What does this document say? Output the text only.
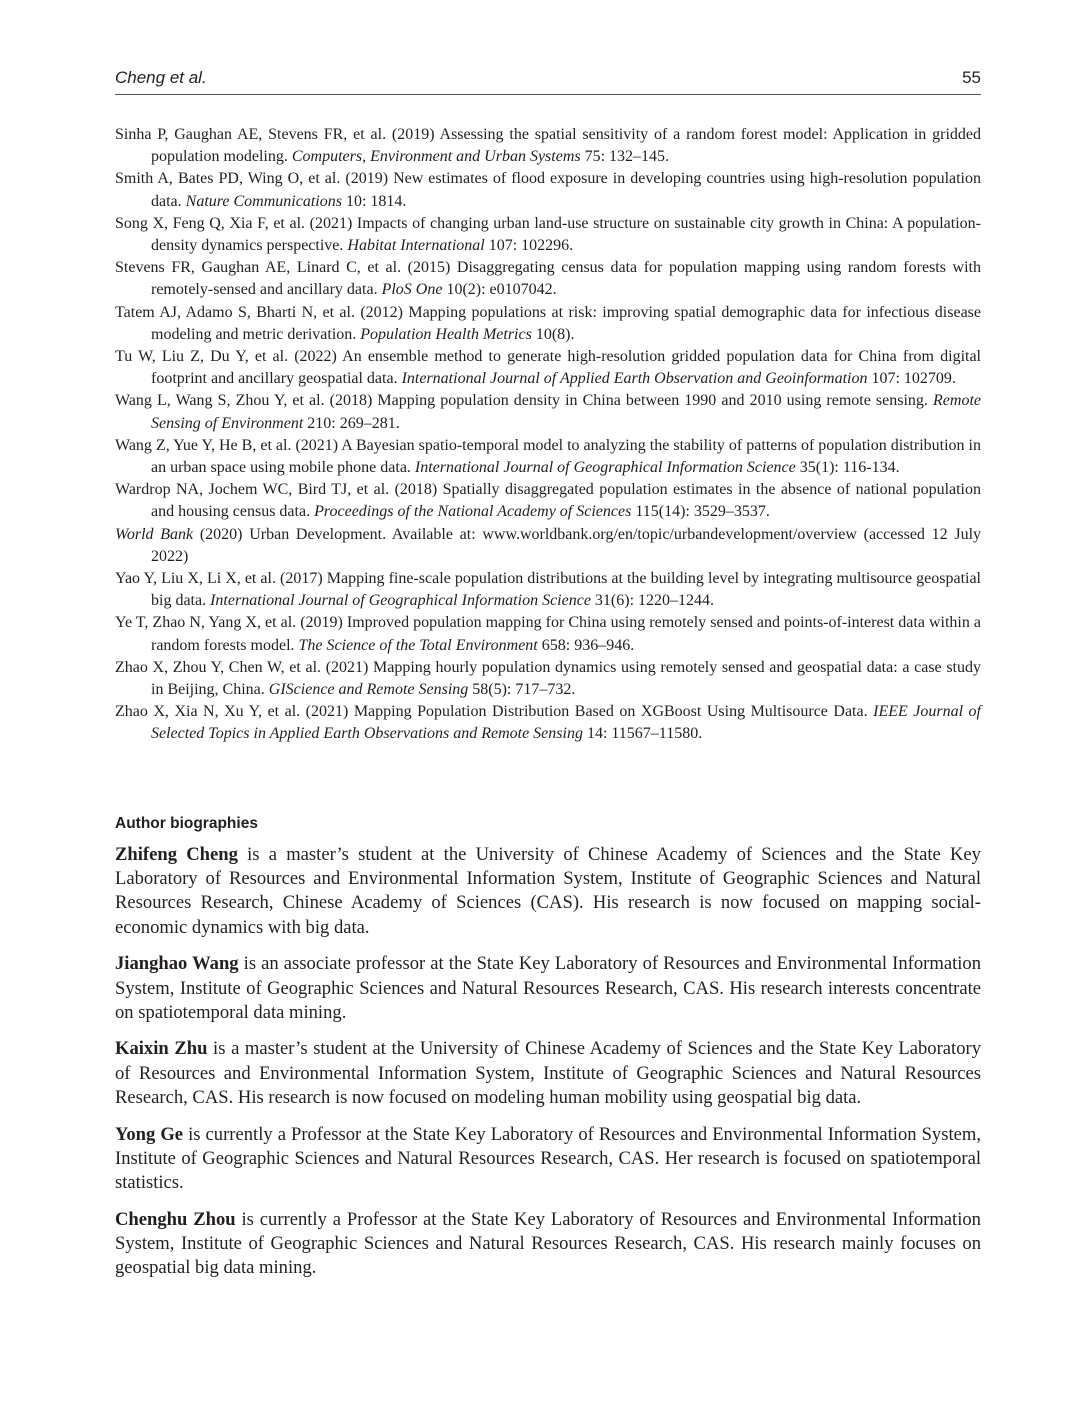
Cheng et al.	55

Sinha P, Gaughan AE, Stevens FR, et al. (2019) Assessing the spatial sensitivity of a random forest model: Application in gridded population modeling. Computers, Environment and Urban Systems 75: 132–145.

Smith A, Bates PD, Wing O, et al. (2019) New estimates of flood exposure in developing countries using high-resolution population data. Nature Communications 10: 1814.

Song X, Feng Q, Xia F, et al. (2021) Impacts of changing urban land-use structure on sustainable city growth in China: A population-density dynamics perspective. Habitat International 107: 102296.

Stevens FR, Gaughan AE, Linard C, et al. (2015) Disaggregating census data for population mapping using random forests with remotely-sensed and ancillary data. PloS One 10(2): e0107042.

Tatem AJ, Adamo S, Bharti N, et al. (2012) Mapping populations at risk: improving spatial demographic data for infectious disease modeling and metric derivation. Population Health Metrics 10(8).

Tu W, Liu Z, Du Y, et al. (2022) An ensemble method to generate high-resolution gridded population data for China from digital footprint and ancillary geospatial data. International Journal of Applied Earth Observation and Geoinformation 107: 102709.

Wang L, Wang S, Zhou Y, et al. (2018) Mapping population density in China between 1990 and 2010 using remote sensing. Remote Sensing of Environment 210: 269–281.

Wang Z, Yue Y, He B, et al. (2021) A Bayesian spatio-temporal model to analyzing the stability of patterns of population distribution in an urban space using mobile phone data. International Journal of Geographical Information Science 35(1): 116-134.

Wardrop NA, Jochem WC, Bird TJ, et al. (2018) Spatially disaggregated population estimates in the absence of national population and housing census data. Proceedings of the National Academy of Sciences 115(14): 3529–3537.

World Bank (2020) Urban Development. Available at: www.worldbank.org/en/topic/urbandevelopment/overview (accessed 12 July 2022)

Yao Y, Liu X, Li X, et al. (2017) Mapping fine-scale population distributions at the building level by integrating multisource geospatial big data. International Journal of Geographical Information Science 31(6): 1220–1244.

Ye T, Zhao N, Yang X, et al. (2019) Improved population mapping for China using remotely sensed and points-of-interest data within a random forests model. The Science of the Total Environment 658: 936–946.

Zhao X, Zhou Y, Chen W, et al. (2021) Mapping hourly population dynamics using remotely sensed and geospatial data: a case study in Beijing, China. GIScience and Remote Sensing 58(5): 717–732.

Zhao X, Xia N, Xu Y, et al. (2021) Mapping Population Distribution Based on XGBoost Using Multisource Data. IEEE Journal of Selected Topics in Applied Earth Observations and Remote Sensing 14: 11567–11580.

Author biographies

Zhifeng Cheng is a master’s student at the University of Chinese Academy of Sciences and the State Key Laboratory of Resources and Environmental Information System, Institute of Geographic Sciences and Natural Resources Research, Chinese Academy of Sciences (CAS). His research is now focused on mapping social-economic dynamics with big data.

Jianghao Wang is an associate professor at the State Key Laboratory of Resources and Environmental Information System, Institute of Geographic Sciences and Natural Resources Research, CAS. His research interests concentrate on spatiotemporal data mining.

Kaixin Zhu is a master’s student at the University of Chinese Academy of Sciences and the State Key Laboratory of Resources and Environmental Information System, Institute of Geographic Sciences and Natural Resources Research, CAS. His research is now focused on modeling human mobility using geospatial big data.

Yong Ge is currently a Professor at the State Key Laboratory of Resources and Environmental Information System, Institute of Geographic Sciences and Natural Resources Research, CAS. Her research is focused on spatiotemporal statistics.

Chenghu Zhou is currently a Professor at the State Key Laboratory of Resources and Environmental Information System, Institute of Geographic Sciences and Natural Resources Research, CAS. His research mainly focuses on geospatial big data mining.
